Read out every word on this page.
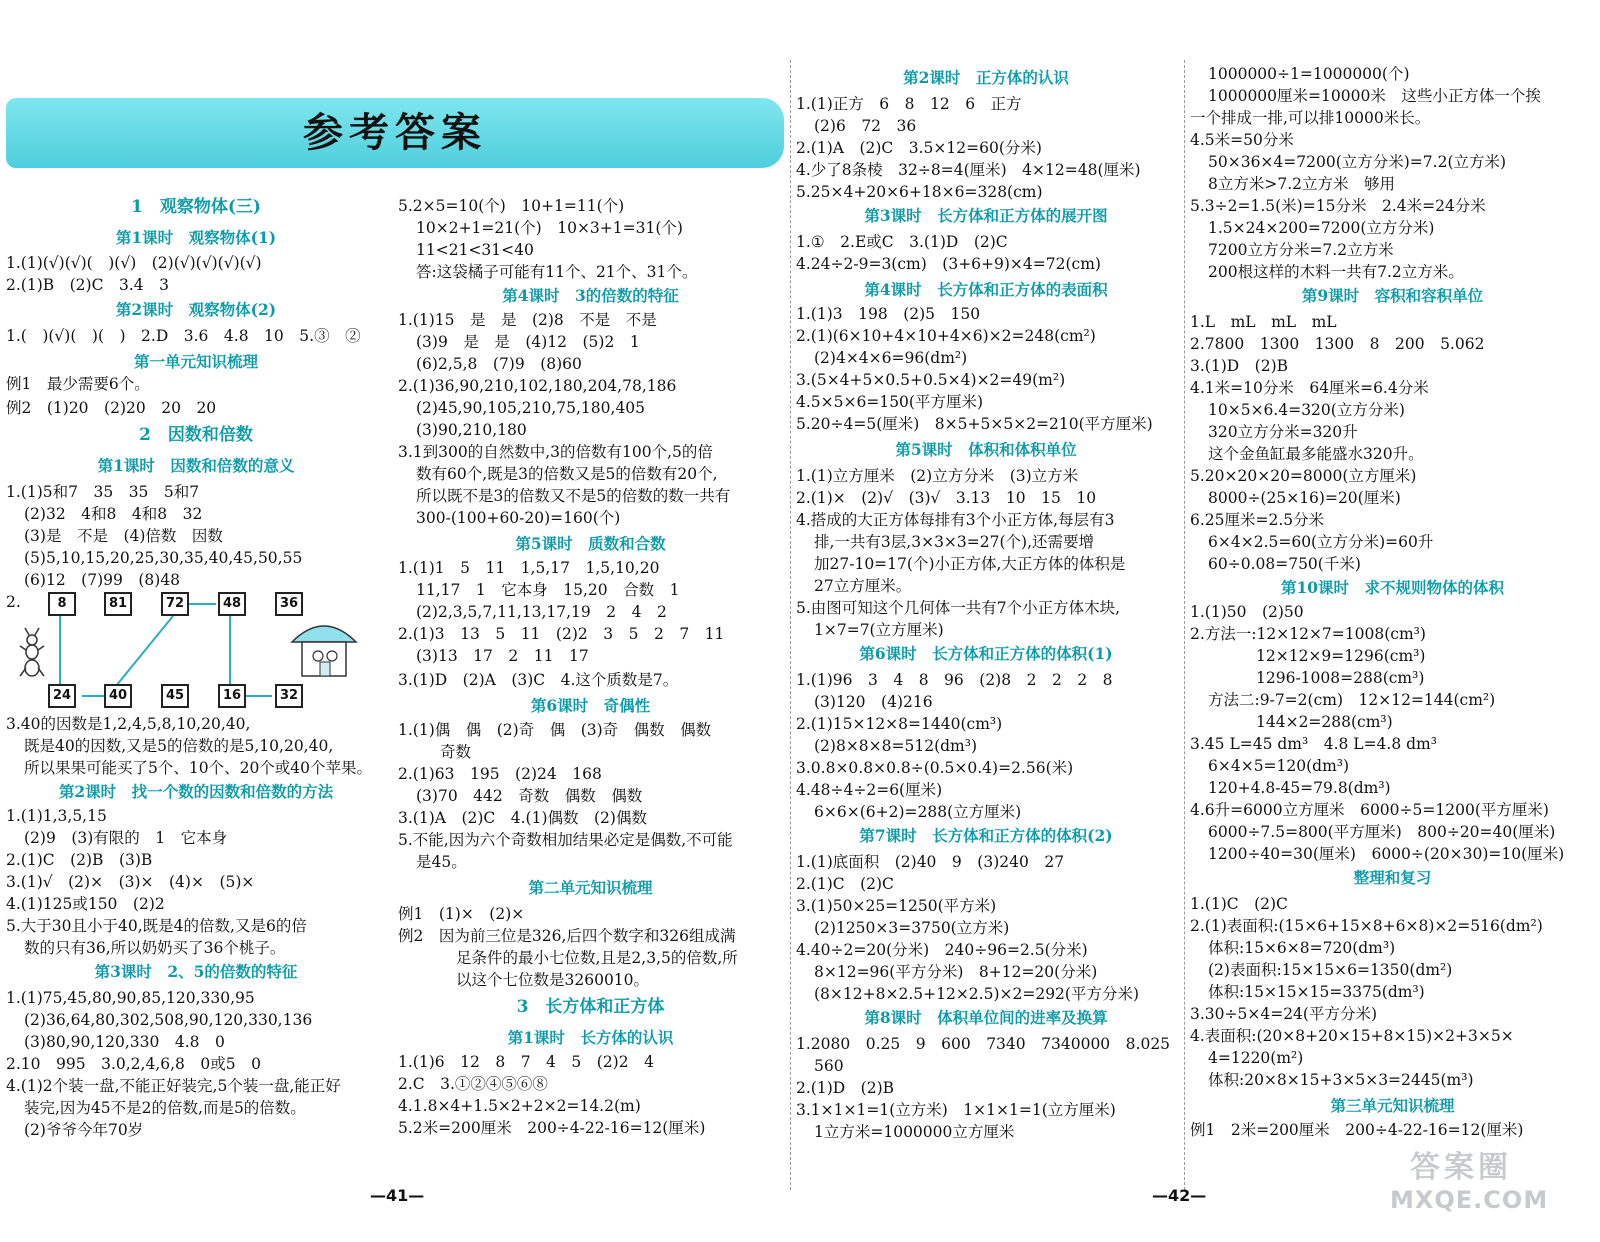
参考答案
1　观察物体(三)
第1课时　观察物体(1)
1.(1)(√)(√)(　)(√)　(2)(√)(√)(√)(√)
2.(1)B　(2)C　3.4　3
第2课时　观察物体(2)
1.(　)(√)(　)(　)　2.D　3.6　4.8　10　5.③　②
第一单元知识梳理
例1　最少需要6个。
例2　(1)20　(2)20　20　20
2　因数和倍数
第1课时　因数和倍数的意义
1.(1)5和7　35　35　5和7
(2)32　4和8　4和8　32
(3)是　不是　(4)倍数　因数
(5)5,10,15,20,25,30,35,40,45,50,55
(6)12　(7)99　(8)48
2.
3.40的因数是1,2,4,5,8,10,20,40,
既是40的因数,又是5的倍数的是5,10,20,40,
所以果果可能买了5个、10个、20个或40个苹果。
第2课时　找一个数的因数和倍数的方法
1.(1)1,3,5,15
(2)9　(3)有限的　1　它本身
2.(1)C　(2)B　(3)B
3.(1)√　(2)×　(3)×　(4)×　(5)×
4.(1)125或150　(2)2
5.大于30且小于40,既是4的倍数,又是6的倍
数的只有36,所以奶奶买了36个桃子。
第3课时　2、5的倍数的特征
1.(1)75,45,80,90,85,120,330,95
(2)36,64,80,302,508,90,120,330,136
(3)80,90,120,330　4.8　0
2.10　995　3.0,2,4,6,8　0或5　0
4.(1)2个装一盘,不能正好装完,5个装一盘,能正好
装完,因为45不是2的倍数,而是5的倍数。
(2)爷爷今年70岁
5.2×5=10(个)　10+1=11(个)
10×2+1=21(个)　10×3+1=31(个)
11<21<31<40
答:这袋橘子可能有11个、21个、31个。
第4课时　3的倍数的特征
1.(1)15　是　是　(2)8　不是　不是
(3)9　是　是　(4)12　(5)2　1
(6)2,5,8　(7)9　(8)60
2.(1)36,90,210,102,180,204,78,186
(2)45,90,105,210,75,180,405
(3)90,210,180
3.1到300的自然数中,3的倍数有100个,5的倍
数有60个,既是3的倍数又是5的倍数有20个,
所以既不是3的倍数又不是5的倍数的数一共有
300-(100+60-20)=160(个)
第5课时　质数和合数
1.(1)1　5　11　1,5,17　1,5,10,20
11,17　1　它本身　15,20　合数　1
(2)2,3,5,7,11,13,17,19　2　4　2
2.(1)3　13　5　11　(2)2　3　5　2　7　11
(3)13　17　2　11　17
3.(1)D　(2)A　(3)C　4.这个质数是7。
第6课时　奇偶性
1.(1)偶　偶　(2)奇　偶　(3)奇　偶数　偶数
奇数
2.(1)63　195　(2)24　168
(3)70　442　奇数　偶数　偶数
3.(1)A　(2)C　4.(1)偶数　(2)偶数
5.不能,因为六个奇数相加结果必定是偶数,不可能
是45。
第二单元知识梳理
例1　(1)×　(2)×
例2　因为前三位是326,后四个数字和326组成满
足条件的最小七位数,且是2,3,5的倍数,所
以这个七位数是3260010。
3　长方体和正方体
第1课时　长方体的认识
1.(1)6　12　8　7　4　5　(2)2　4
2.C　3.①②④⑤⑥⑧
4.1.8×4+1.5×2+2×2=14.2(m)
5.2米=200厘米　200÷4-22-16=12(厘米)
第2课时　正方体的认识
1.(1)正方　6　8　12　6　正方
(2)6　72　36
2.(1)A　(2)C　3.5×12=60(分米)
4.少了8条棱　32÷8=4(厘米)　4×12=48(厘米)
5.25×4+20×6+18×6=328(cm)
第3课时　长方体和正方体的展开图
1.①　2.E或C　3.(1)D　(2)C
4.24÷2-9=3(cm)　(3+6+9)×4=72(cm)
第4课时　长方体和正方体的表面积
1.(1)3　198　(2)5　150
2.(1)(6×10+4×10+4×6)×2=248(cm²)
(2)4×4×6=96(dm²)
3.(5×4+5×0.5+0.5×4)×2=49(m²)
4.5×5×6=150(平方厘米)
5.20÷4=5(厘米)　8×5+5×5×2=210(平方厘米)
第5课时　体积和体积单位
1.(1)立方厘米　(2)立方分米　(3)立方米
2.(1)×　(2)√　(3)√　3.13　10　15　10
4.搭成的大正方体每排有3个小正方体,每层有3
排,一共有3层,3×3×3=27(个),还需要增
加27-10=17(个)小正方体,大正方体的体积是
27立方厘米。
5.由图可知这个几何体一共有7个小正方体木块,
1×7=7(立方厘米)
第6课时　长方体和正方体的体积(1)
1.(1)96　3　4　8　96　(2)8　2　2　2　8
(3)120　(4)216
2.(1)15×12×8=1440(cm³)
(2)8×8×8=512(dm³)
3.0.8×0.8×0.8÷(0.5×0.4)=2.56(米)
4.48÷4÷2=6(厘米)
6×6×(6+2)=288(立方厘米)
第7课时　长方体和正方体的体积(2)
1.(1)底面积　(2)40　9　(3)240　27
2.(1)C　(2)C
3.(1)50×25=1250(平方米)
(2)1250×3=3750(立方米)
4.40÷2=20(分米)　240÷96=2.5(分米)
8×12=96(平方分米)　8+12=20(分米)
(8×12+8×2.5+12×2.5)×2=292(平方分米)
第8课时　体积单位间的进率及换算
1.2080　0.25　9　600　7340　7340000　8.025
560
2.(1)D　(2)B
3.1×1×1=1(立方米)　1×1×1=1(立方厘米)
1立方米=1000000立方厘米
1000000÷1=1000000(个)
1000000厘米=10000米　这些小正方体一个挨
一个排成一排,可以排10000米长。
4.5米=50分米
50×36×4=7200(立方分米)=7.2(立方米)
8立方米>7.2立方米　够用
5.3÷2=1.5(米)=15分米　2.4米=24分米
1.5×24×200=7200(立方分米)
7200立方分米=7.2立方米
200根这样的木料一共有7.2立方米。
第9课时　容积和容积单位
1.L　mL　mL　mL
2.7800　1300　1300　8　200　5.062
3.(1)D　(2)B
4.1米=10分米　64厘米=6.4分米
10×5×6.4=320(立方分米)
320立方分米=320升
这个金鱼缸最多能盛水320升。
5.20×20×20=8000(立方厘米)
8000÷(25×16)=20(厘米)
6.25厘米=2.5分米
6×4×2.5=60(立方分米)=60升
60÷0.08=750(千米)
第10课时　求不规则物体的体积
1.(1)50　(2)50
2.方法一:12×12×7=1008(cm³)
12×12×9=1296(cm³)
1296-1008=288(cm³)
方法二:9-7=2(cm)　12×12=144(cm²)
144×2=288(cm³)
3.45 L=45 dm³　4.8 L=4.8 dm³
6×4×5=120(dm³)
120+4.8-45=79.8(dm³)
4.6升=6000立方厘米　6000÷5=1200(平方厘米)
6000÷7.5=800(平方厘米)　800÷20=40(厘米)
1200÷40=30(厘米)　6000÷(20×30)=10(厘米)
整理和复习
1.(1)C　(2)C
2.(1)表面积:(15×6+15×8+6×8)×2=516(dm²)
体积:15×6×8=720(dm³)
(2)表面积:15×15×6=1350(dm²)
体积:15×15×15=3375(dm³)
3.30÷5×4=24(平方分米)
4.表面积:(20×8+20×15+8×15)×2+3×5×
4=1220(m²)
体积:20×8×15+3×5×3=2445(m³)
第三单元知识梳理
例1　2米=200厘米　200÷4-22-16=12(厘米)
8	81	72	48	36
24	40	45	16	32
—41—	—42—
答案圈
MXQE.COM
